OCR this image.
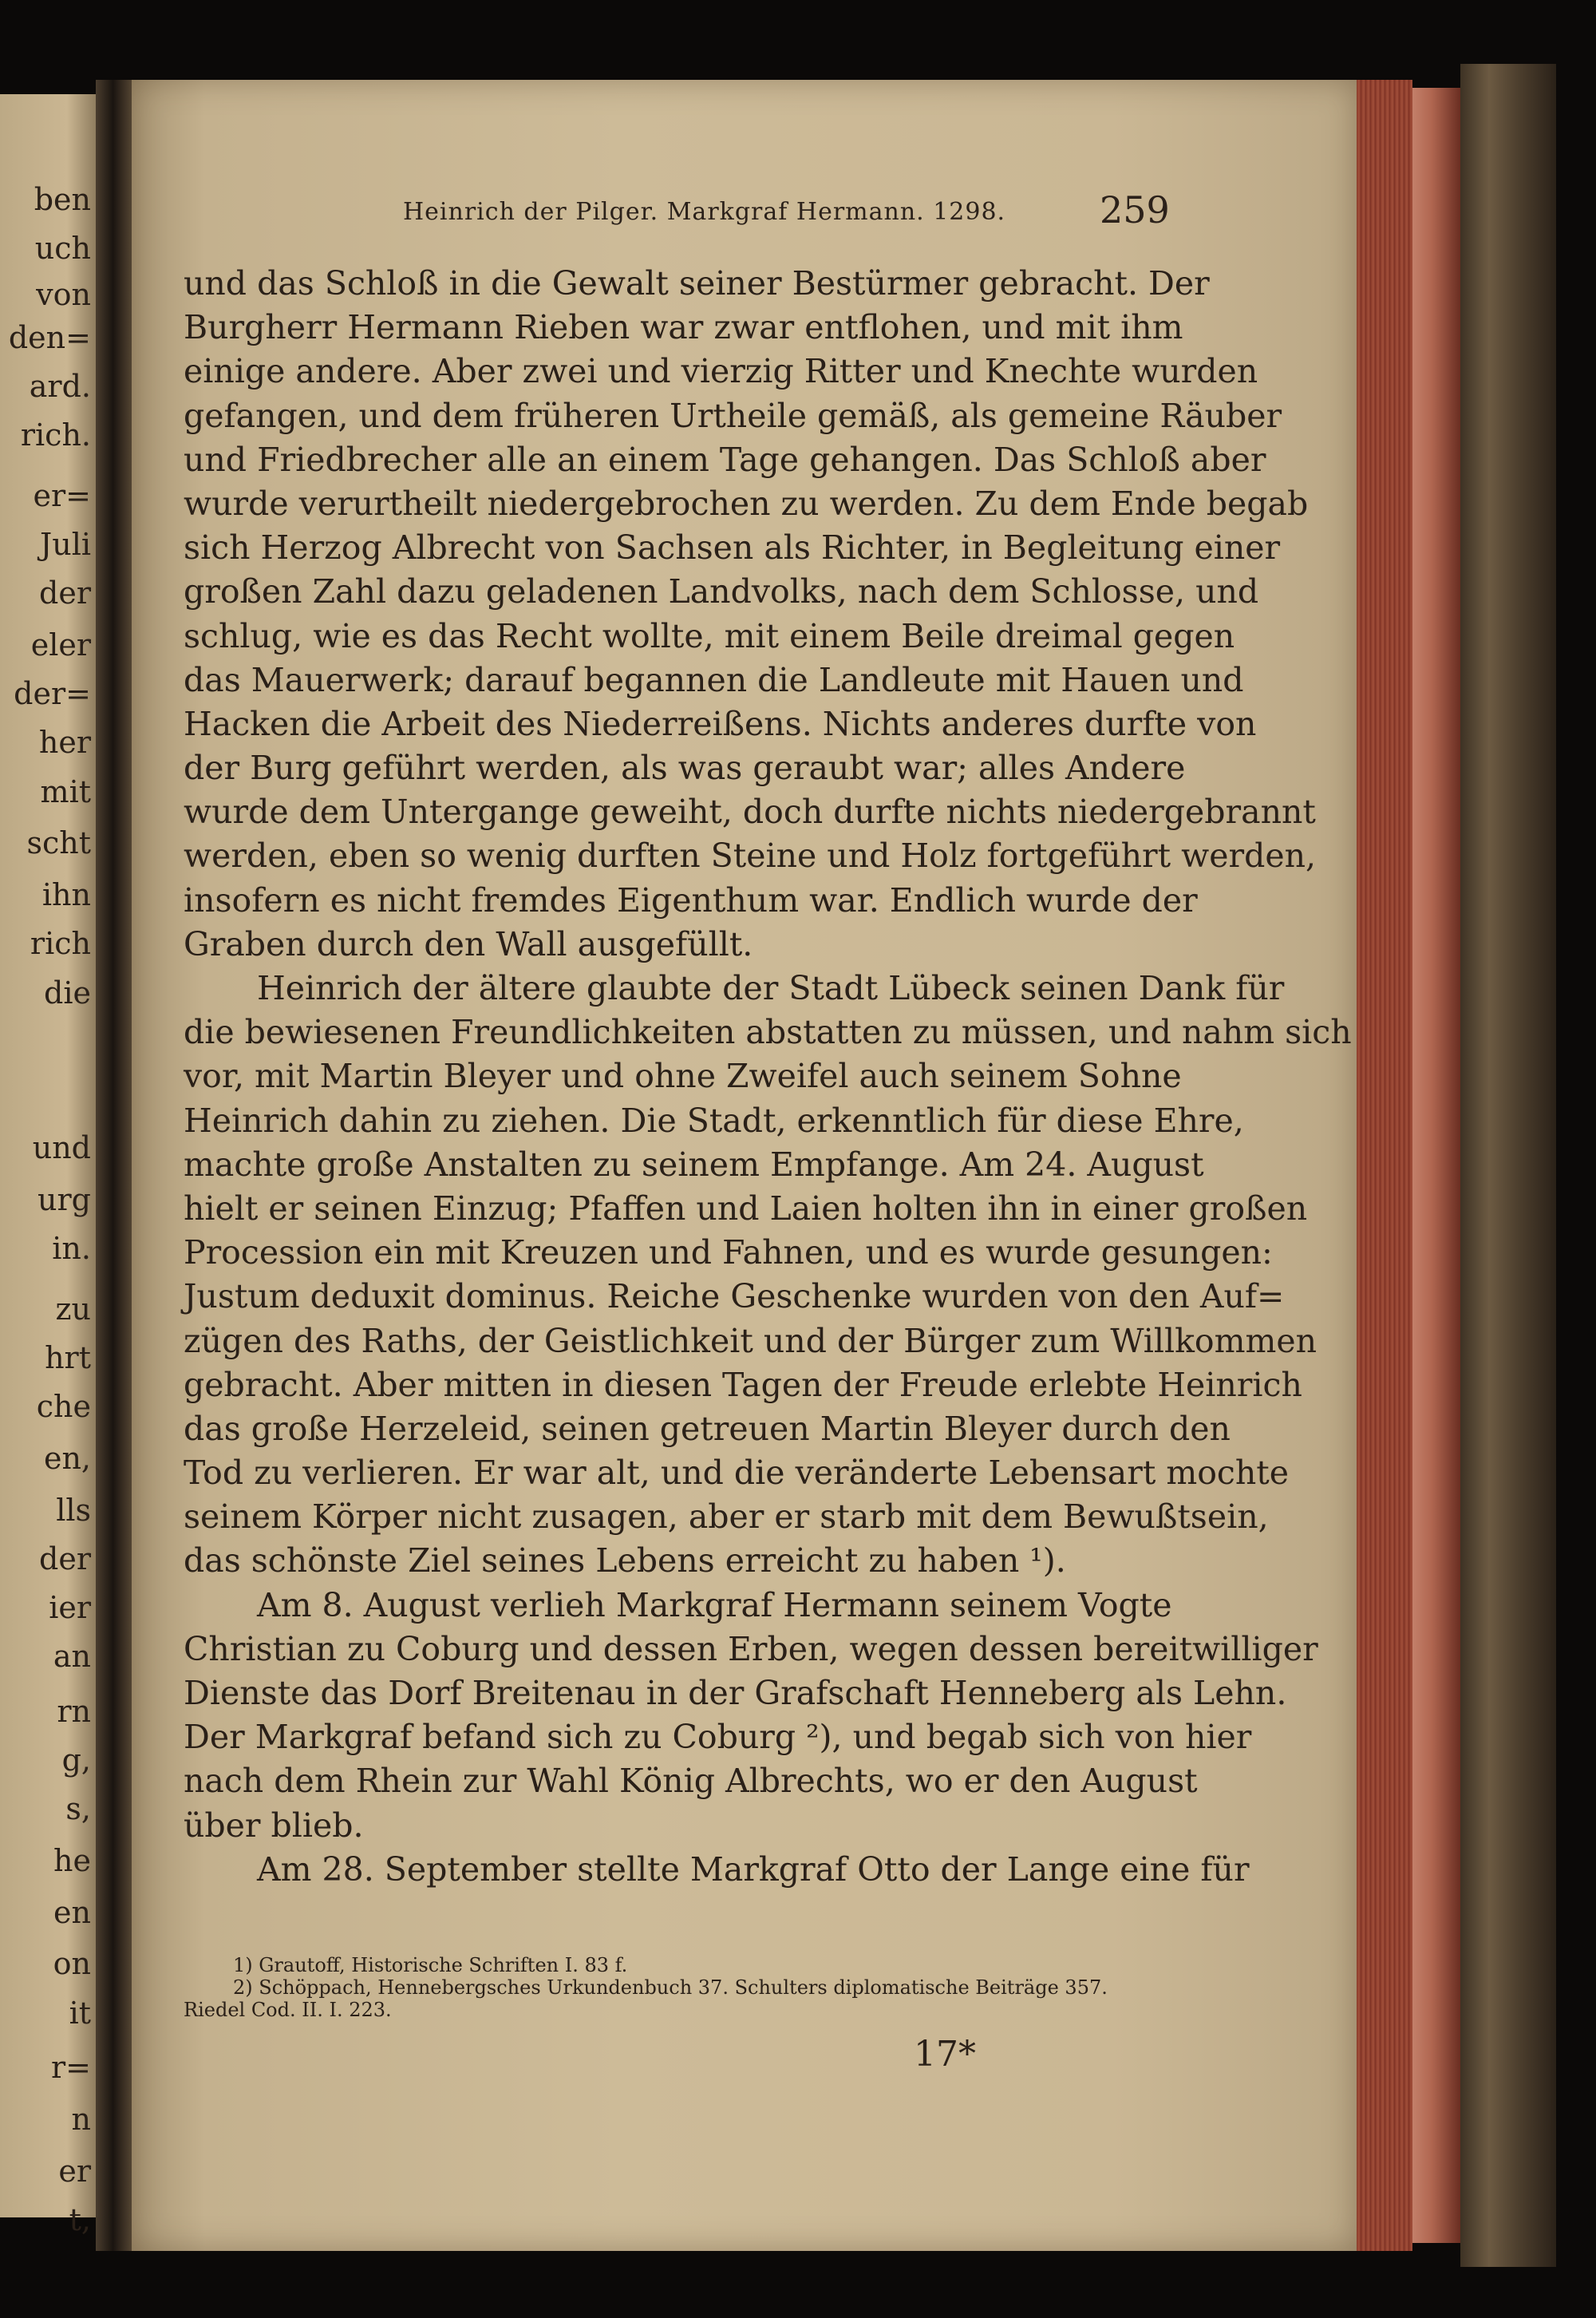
ben
uch
von
den=
ard.
rich.
er=
Juli
der
eler
der=
her
mit
scht
ihn
rich
die
und
urg
in.
zu
hrt
che
en,
lls
der
ier
an
rn
g,
s,
he
en
on
it
r=
n
er
t,
Heinrich der Pilger. Markgraf Hermann. 1298.	259
und das Schloß in die Gewalt seiner Bestürmer gebracht. Der
Burgherr Hermann Rieben war zwar entflohen, und mit ihm
einige andere. Aber zwei und vierzig Ritter und Knechte wurden
gefangen, und dem früheren Urtheile gemäß, als gemeine Räuber
und Friedbrecher alle an einem Tage gehangen. Das Schloß aber
wurde verurtheilt niedergebrochen zu werden. Zu dem Ende begab
sich Herzog Albrecht von Sachsen als Richter, in Begleitung einer
großen Zahl dazu geladenen Landvolks, nach dem Schlosse, und
schlug, wie es das Recht wollte, mit einem Beile dreimal gegen
das Mauerwerk; darauf begannen die Landleute mit Hauen und
Hacken die Arbeit des Niederreißens. Nichts anderes durfte von
der Burg geführt werden, als was geraubt war; alles Andere
wurde dem Untergange geweiht, doch durfte nichts niedergebrannt
werden, eben so wenig durften Steine und Holz fortgeführt werden,
insofern es nicht fremdes Eigenthum war. Endlich wurde der
Graben durch den Wall ausgefüllt.
Heinrich der ältere glaubte der Stadt Lübeck seinen Dank für
die bewiesenen Freundlichkeiten abstatten zu müssen, und nahm sich
vor, mit Martin Bleyer und ohne Zweifel auch seinem Sohne
Heinrich dahin zu ziehen. Die Stadt, erkenntlich für diese Ehre,
machte große Anstalten zu seinem Empfange. Am 24. August
hielt er seinen Einzug; Pfaffen und Laien holten ihn in einer großen
Procession ein mit Kreuzen und Fahnen, und es wurde gesungen:
Justum deduxit dominus. Reiche Geschenke wurden von den Auf=
zügen des Raths, der Geistlichkeit und der Bürger zum Willkommen
gebracht. Aber mitten in diesen Tagen der Freude erlebte Heinrich
das große Herzeleid, seinen getreuen Martin Bleyer durch den
Tod zu verlieren. Er war alt, und die veränderte Lebensart mochte
seinem Körper nicht zusagen, aber er starb mit dem Bewußtsein,
das schönste Ziel seines Lebens erreicht zu haben ¹).
Am 8. August verlieh Markgraf Hermann seinem Vogte
Christian zu Coburg und dessen Erben, wegen dessen bereitwilliger
Dienste das Dorf Breitenau in der Grafschaft Henneberg als Lehn.
Der Markgraf befand sich zu Coburg ²), und begab sich von hier
nach dem Rhein zur Wahl König Albrechts, wo er den August
über blieb.
Am 28. September stellte Markgraf Otto der Lange eine für
1) Grautoff, Historische Schriften I. 83 f.
2) Schöppach, Hennebergsches Urkundenbuch 37. Schulters diplomatische Beiträge 357.
Riedel Cod. II. I. 223.
17*
